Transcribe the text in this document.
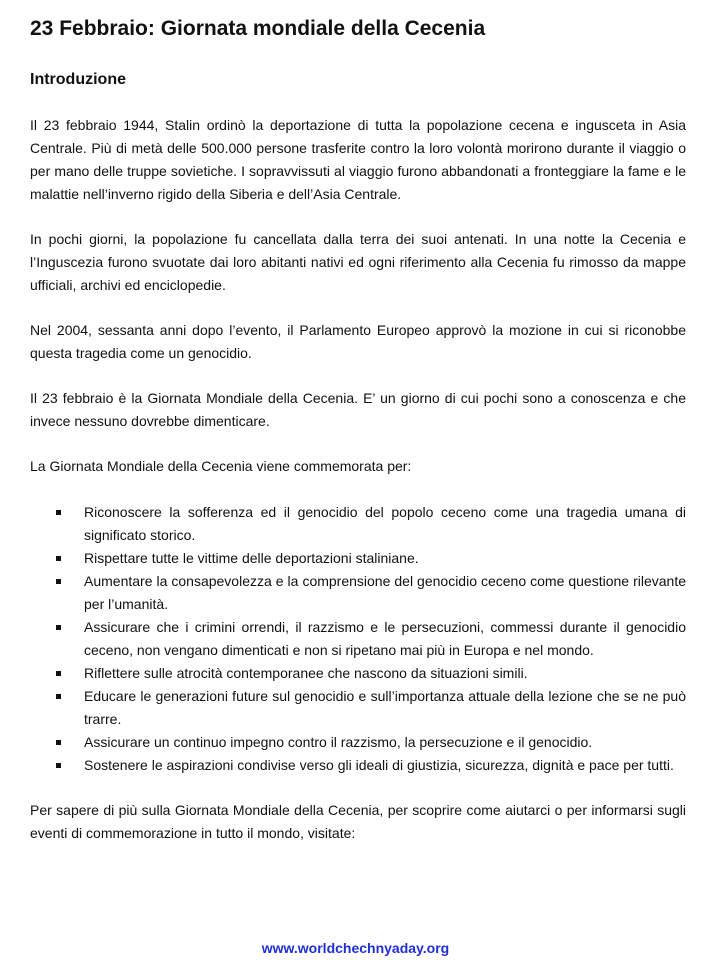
23 Febbraio: Giornata mondiale della Cecenia
Introduzione

Il 23 febbraio 1944, Stalin ordinò la deportazione di tutta la popolazione cecena e ingusceta in Asia Centrale. Più di metà delle 500.000 persone trasferite contro la loro volontà morirono durante il viaggio o per mano delle truppe sovietiche. I sopravvissuti al viaggio furono abbandonati a fronteggiare la fame e le malattie nell’inverno rigido della Siberia e dell’Asia Centrale.

In pochi giorni, la popolazione fu cancellata dalla terra dei suoi antenati. In una notte la Cecenia e l’Inguscezia furono svuotate dai loro abitanti nativi ed ogni riferimento alla Cecenia fu rimosso da mappe ufficiali, archivi ed enciclopedie.

Nel 2004, sessanta anni dopo l’evento, il Parlamento Europeo approvò la mozione in cui si riconobbe questa tragedia come un genocidio.

Il 23 febbraio è la Giornata Mondiale della Cecenia. E’ un giorno di cui pochi sono a conoscenza e che invece nessuno dovrebbe dimenticare.

La Giornata Mondiale della Cecenia viene commemorata per:

Riconoscere la sofferenza ed il genocidio del popolo ceceno come una tragedia umana di significato storico.
Rispettare tutte le vittime delle deportazioni staliniane.
Aumentare la consapevolezza e la comprensione del genocidio ceceno come questione rilevante per l’umanità.
Assicurare che i crimini orrendi, il razzismo e le persecuzioni, commessi durante il genocidio ceceno, non vengano dimenticati e non si ripetano mai più in Europa e nel mondo.
Riflettere sulle atrocità contemporanee che nascono da situazioni simili.
Educare le generazioni future sul genocidio e sull’importanza attuale della lezione che se ne può trarre.
Assicurare un continuo impegno contro il razzismo, la persecuzione e il genocidio.
Sostenere le aspirazioni condivise verso gli ideali di giustizia, sicurezza, dignità e pace per tutti.

Per sapere di più sulla Giornata Mondiale della Cecenia, per scoprire come aiutarci o per informarsi sugli eventi di commemorazione in tutto il mondo, visitate:

www.worldchechnyaday.org
